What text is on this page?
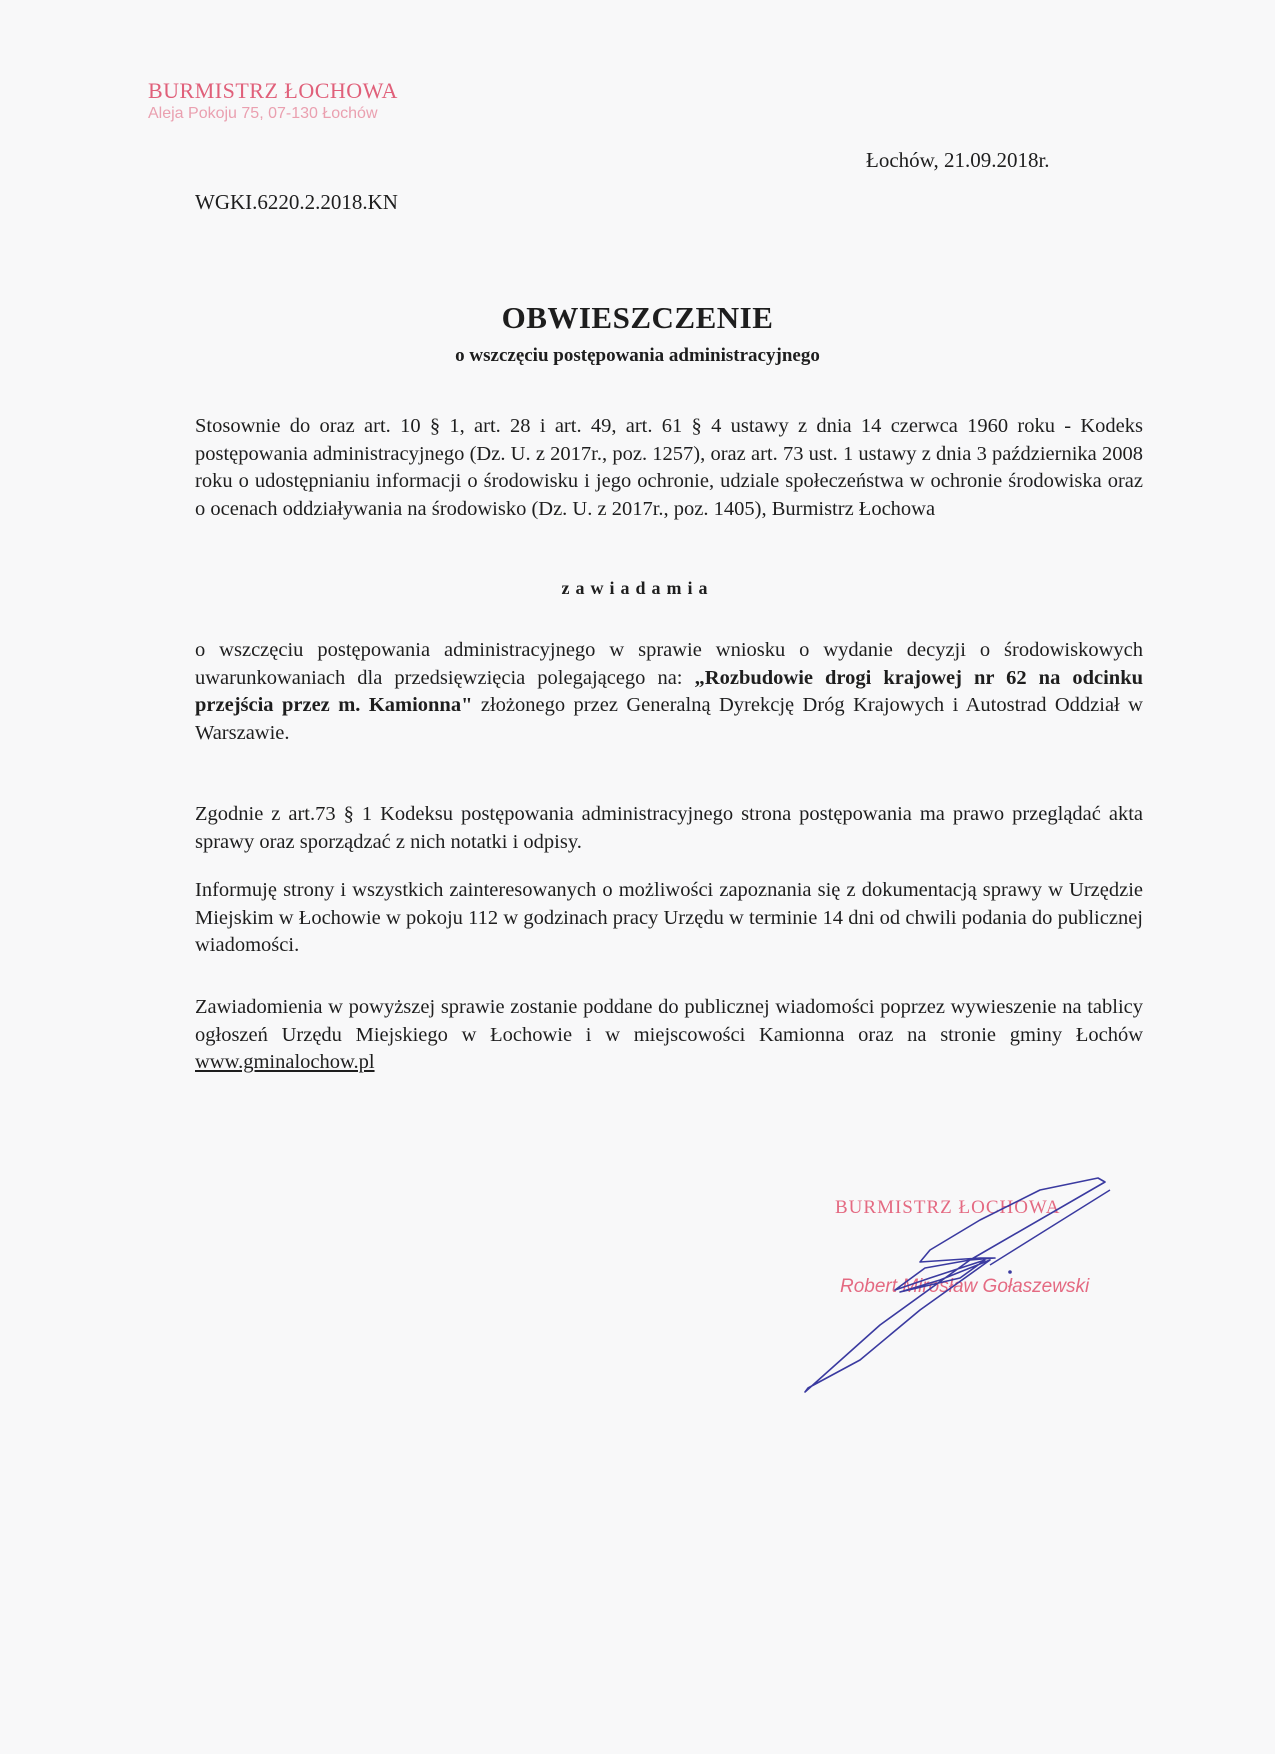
BURMISTRZ ŁOCHOWA
Aleja Pokoju 75, 07-130 Łochów
Łochów, 21.09.2018r.
WGKI.6220.2.2018.KN
OBWIESZCZENIE
o wszczęciu postępowania administracyjnego
Stosownie do oraz art. 10 § 1, art. 28 i art. 49, art. 61 § 4 ustawy z dnia 14 czerwca 1960 roku - Kodeks postępowania administracyjnego (Dz. U. z 2017r., poz. 1257), oraz art. 73 ust. 1 ustawy z dnia 3 października 2008 roku o udostępnianiu informacji o środowisku i jego ochronie, udziale społeczeństwa w ochronie środowiska oraz o ocenach oddziaływania na środowisko (Dz. U. z 2017r., poz. 1405), Burmistrz Łochowa
zawiadamia
o wszczęciu postępowania administracyjnego w sprawie wniosku o wydanie decyzji o środowiskowych uwarunkowaniach dla przedsięwzięcia polegającego na: „Rozbudowie drogi krajowej nr 62 na odcinku przejścia przez m. Kamionna" złożonego przez Generalną Dyrekcję Dróg Krajowych i Autostrad Oddział w Warszawie.
Zgodnie z art.73 § 1 Kodeksu postępowania administracyjnego strona postępowania ma prawo przeglądać akta sprawy oraz sporządzać z nich notatki i odpisy.
Informuję strony i wszystkich zainteresowanych o możliwości zapoznania się z dokumentacją sprawy w Urzędzie Miejskim w Łochowie w pokoju 112 w godzinach pracy Urzędu w terminie 14 dni od chwili podania do publicznej wiadomości.
Zawiadomienia w powyższej sprawie zostanie poddane do publicznej wiadomości poprzez wywieszenie na tablicy ogłoszeń Urzędu Miejskiego w Łochowie i w miejscowości Kamionna oraz na stronie gminy Łochów www.gminalochow.pl
BURMISTRZ ŁOCHOWA
Robert Mirosław Gołaszewski
